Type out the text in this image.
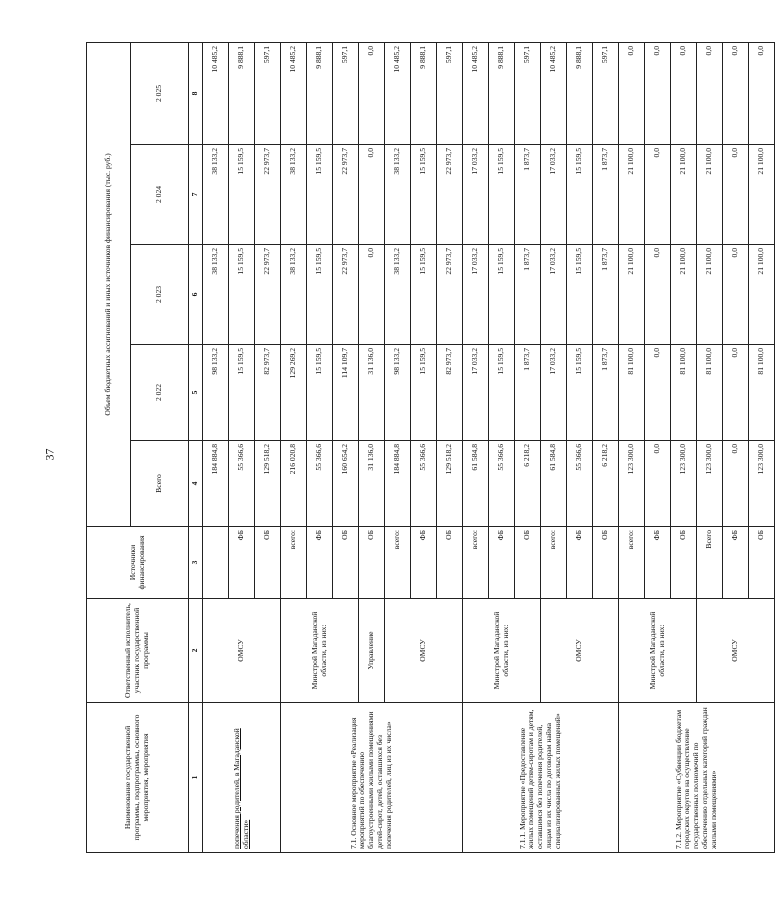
37
Наименование государственной программы, подпрограммы, основного мероприятия, мероприятия	Ответственный исполнитель, участник государственной программы	Источники финансирования	Объем бюджетных ассигнований и иных источников финансирования (тыс. руб.)				
			Всего	2 022	2 023	2 024	2 025
1	2	3	4	5	6	7	8
попечения родителей, в Магаданской области»	ОМСУ		184 884,8	98 133,2	38 133,2	38 133,2	10 485,2
		ФБ	55 366,6	15 159,5	15 159,5	15 159,5	9 888,1
		ОБ	129 518,2	82 973,7	22 973,7	22 973,7	597,1
7.1. Основное мероприятие «Реализация мероприятий по обеспечению благоустроенными жилыми помещениями детей-сирот, детей, оставшихся без попечения родителей, лиц из их числа»	Минстрой Магаданской области, из них:	всего:	216 020,8	129 269,2	38 133,2	38 133,2	10 485,2
		ФБ	55 366,6	15 159,5	15 159,5	15 159,5	9 888,1
		ОБ	160 654,2	114 109,7	22 973,7	22 973,7	597,1
	Управление	ОБ	31 136,0	31 136,0	0,0	0,0	0,0
	ОМСУ	всего:	184 884,8	98 133,2	38 133,2	38 133,2	10 485,2
		ФБ	55 366,6	15 159,5	15 159,5	15 159,5	9 888,1
		ОБ	129 518,2	82 973,7	22 973,7	22 973,7	597,1
7.1.1. Мероприятие «Предоставление жилых помещений детям-сиротам и детям, оставшимся без попечения родителей, лицам из их числа по договорам найма специализированных жилых помещений»	Минстрой Магаданской области, из них:	всего:	61 584,8	17 033,2	17 033,2	17 033,2	10 485,2
		ФБ	55 366,6	15 159,5	15 159,5	15 159,5	9 888,1
		ОБ	6 218,2	1 873,7	1 873,7	1 873,7	597,1
	ОМСУ	всего:	61 584,8	17 033,2	17 033,2	17 033,2	10 485,2
		ФБ	55 366,6	15 159,5	15 159,5	15 159,5	9 888,1
		ОБ	6 218,2	1 873,7	1 873,7	1 873,7	597,1
7.1.2. Мероприятие «Субвенции бюджетам городских округов на осуществление государственных полномочий по обеспечению отдельных категорий граждан жилыми помещениями»	Минстрой Магаданской области, из них:	всего:	123 300,0	81 100,0	21 100,0	21 100,0	0,0
		ФБ	0,0	0,0	0,0	0,0	0,0
		ОБ	123 300,0	81 100,0	21 100,0	21 100,0	0,0
	ОМСУ	Всего	123 300,0	81 100,0	21 100,0	21 100,0	0,0
		ФБ	0,0	0,0	0,0	0,0	0,0
		ОБ	123 300,0	81 100,0	21 100,0	21 100,0	0,0
